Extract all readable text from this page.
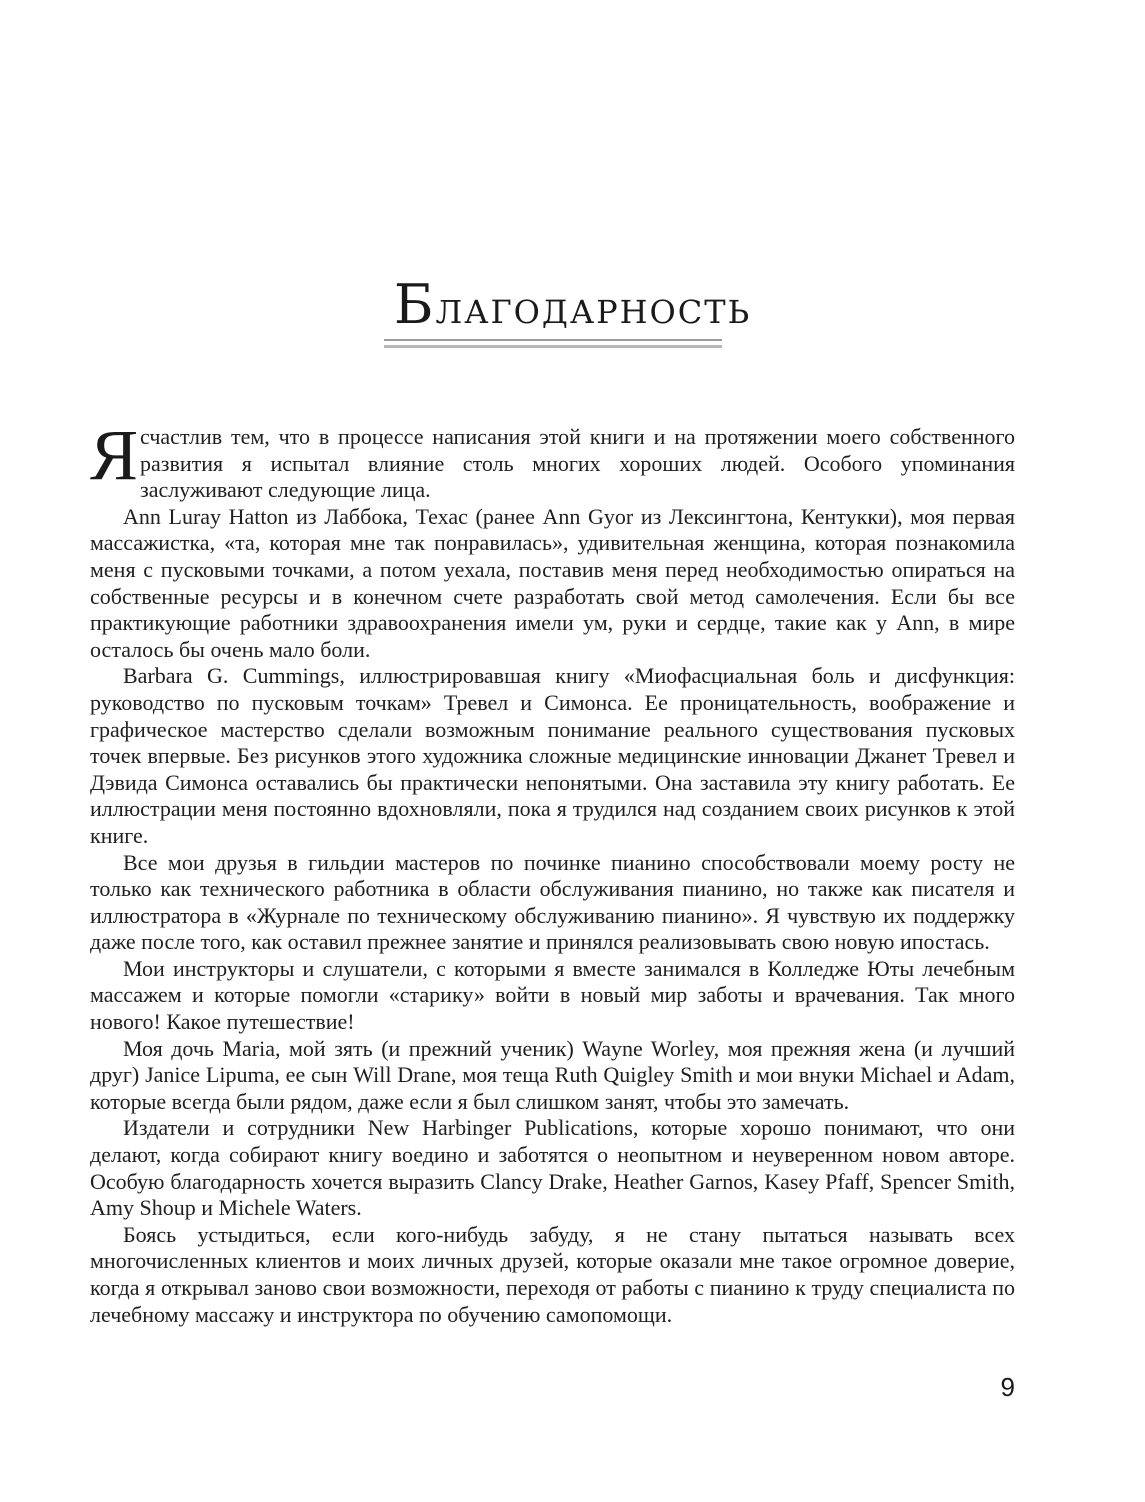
Благодарность

Ясчастлив тем, что в процессе написания этой книги и на протяжении моего собственного развития я испытал влияние столь многих хороших людей. Особого упоминания заслуживают следующие лица.

Ann Luray Hatton из Лаббока, Техас (ранее Ann Gyor из Лексингтона, Кентукки), моя первая массажистка, «та, которая мне так понравилась», удивительная женщина, которая познакомила меня с пусковыми точками, а потом уехала, поставив меня перед необходимостью опираться на собственные ресурсы и в конечном счете разработать свой метод самолечения. Если бы все практикующие работники здравоохранения имели ум, руки и сердце, такие как у Ann, в мире осталось бы очень мало боли.

Barbara G. Cummings, иллюстрировавшая книгу «Миофасциальная боль и дисфункция: руководство по пусковым точкам» Тревел и Симонса. Ее проницательность, воображение и графическое мастерство сделали возможным понимание реального существования пусковых точек впервые. Без рисунков этого художника сложные медицинские инновации Джанет Тревел и Дэвида Симонса оставались бы практически непонятыми. Она заставила эту книгу работать. Ее иллюстрации меня постоянно вдохновляли, пока я трудился над созданием своих рисунков к этой книге.

Все мои друзья в гильдии мастеров по починке пианино способствовали моему росту не только как технического работника в области обслуживания пианино, но также как писателя и иллюстратора в «Журнале по техническому обслуживанию пианино». Я чувствую их поддержку даже после того, как оставил прежнее занятие и принялся реализовывать свою новую ипостась.

Мои инструкторы и слушатели, с которыми я вместе занимался в Колледже Юты лечебным массажем и которые помогли «старику» войти в новый мир заботы и врачевания. Так много нового! Какое путешествие!

Моя дочь Maria, мой зять (и прежний ученик) Wayne Worley, моя прежняя жена (и лучший друг) Janice Lipuma, ее сын Will Drane, моя теща Ruth Quigley Smith и мои внуки Michael и Adam, которые всегда были рядом, даже если я был слишком занят, чтобы это замечать.

Издатели и сотрудники New Harbinger Publications, которые хорошо понимают, что они делают, когда собирают книгу воедино и заботятся о неопытном и неуверенном новом авторе. Особую благодарность хочется выразить Clancy Drake, Heather Garnos, Kasey Pfaff, Spencer Smith, Amy Shoup и Michele Waters.

Боясь устыдиться, если кого-нибудь забуду, я не стану пытаться называть всех многочисленных клиентов и моих личных друзей, которые оказали мне такое огромное доверие, когда я открывал заново свои возможности, переходя от работы с пианино к труду специалиста по лечебному массажу и инструктора по обучению самопомощи.

9
